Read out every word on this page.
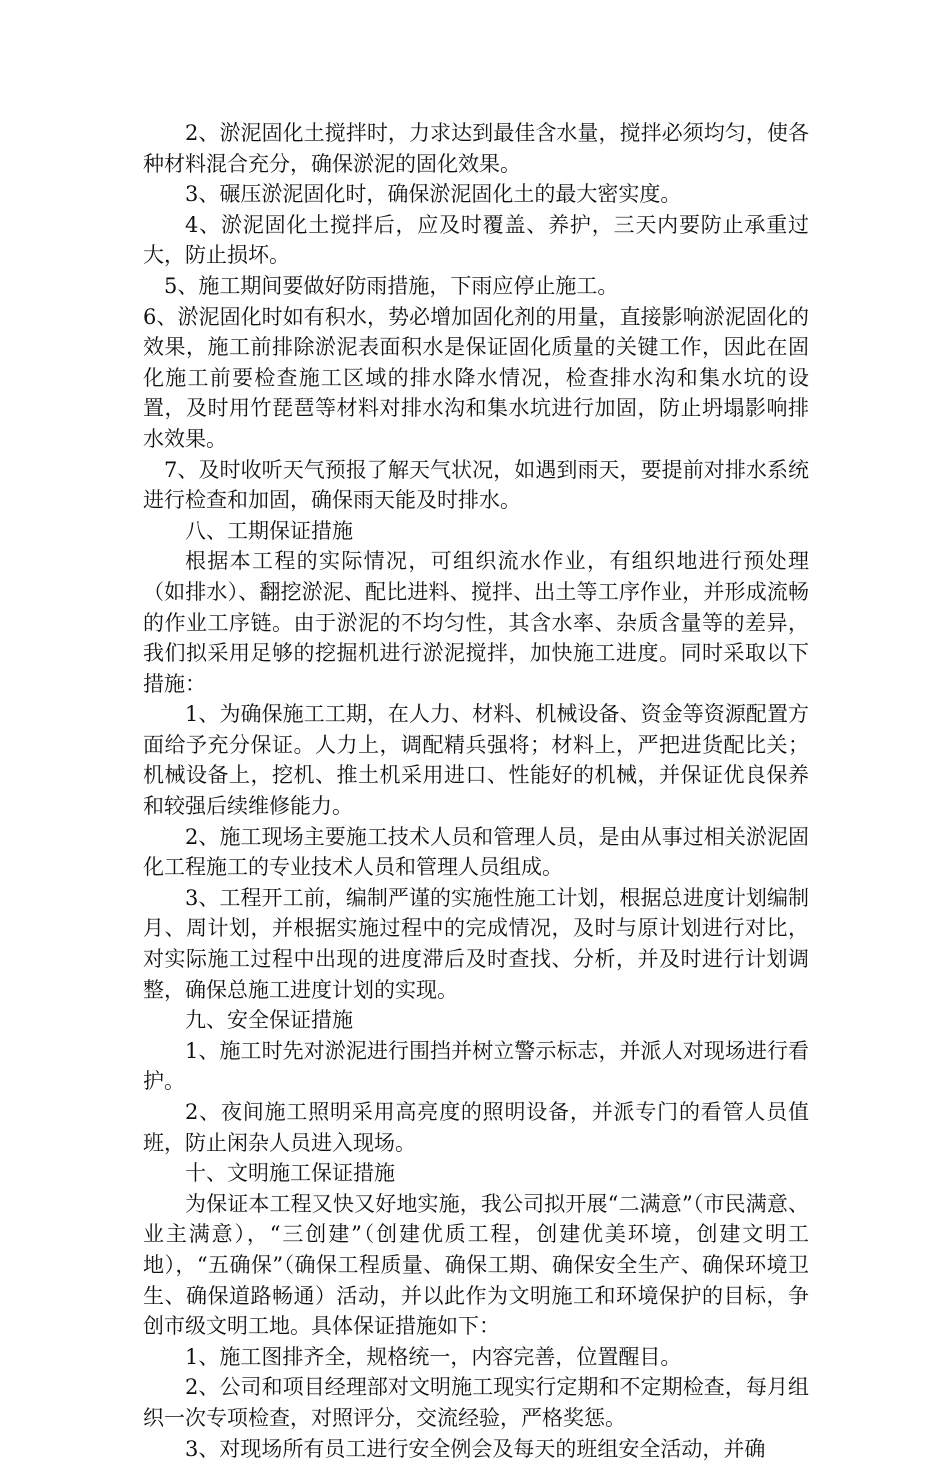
2、淤泥固化土搅拌时，力求达到最佳含水量，搅拌必须均匀，使各种材料混合充分，确保淤泥的固化效果。

3、碾压淤泥固化时，确保淤泥固化土的最大密实度。

4、淤泥固化土搅拌后，应及时覆盖、养护，三天内要防止承重过大，防止损坏。

5、施工期间要做好防雨措施，下雨应停止施工。

6、淤泥固化时如有积水，势必增加固化剂的用量，直接影响淤泥固化的效果，施工前排除淤泥表面积水是保证固化质量的关键工作，因此在固化施工前要检查施工区域的排水降水情况，检查排水沟和集水坑的设置，及时用竹琵琶等材料对排水沟和集水坑进行加固，防止坍塌影响排水效果。

7、及时收听天气预报了解天气状况，如遇到雨天，要提前对排水系统进行检查和加固，确保雨天能及时排水。

八、工期保证措施

根据本工程的实际情况，可组织流水作业，有组织地进行预处理（如排水）、翻挖淤泥、配比进料、搅拌、出土等工序作业，并形成流畅的作业工序链。由于淤泥的不均匀性，其含水率、杂质含量等的差异，我们拟采用足够的挖掘机进行淤泥搅拌，加快施工进度。同时采取以下措施：

1、为确保施工工期，在人力、材料、机械设备、资金等资源配置方面给予充分保证。人力上，调配精兵强将；材料上，严把进货配比关；机械设备上，挖机、推土机采用进口、性能好的机械，并保证优良保养和较强后续维修能力。

2、施工现场主要施工技术人员和管理人员，是由从事过相关淤泥固化工程施工的专业技术人员和管理人员组成。

3、工程开工前，编制严谨的实施性施工计划，根据总进度计划编制月、周计划，并根据实施过程中的完成情况，及时与原计划进行对比，对实际施工过程中出现的进度滞后及时查找、分析，并及时进行计划调整，确保总施工进度计划的实现。

九、安全保证措施

1、施工时先对淤泥进行围挡并树立警示标志，并派人对现场进行看护。

2、夜间施工照明采用高亮度的照明设备，并派专门的看管人员值班，防止闲杂人员进入现场。

十、文明施工保证措施

为保证本工程又快又好地实施，我公司拟开展“二满意”（市民满意、业主满意），“三创建”（创建优质工程，创建优美环境，创建文明工地），“五确保”（确保工程质量、确保工期、确保安全生产、确保环境卫生、确保道路畅通）活动，并以此作为文明施工和环境保护的目标，争创市级文明工地。具体保证措施如下：

1、施工图排齐全，规格统一，内容完善，位置醒目。

2、公司和项目经理部对文明施工现实行定期和不定期检查，每月组织一次专项检查，对照评分，交流经验，严格奖惩。

3、对现场所有员工进行安全例会及每天的班组安全活动，并确
